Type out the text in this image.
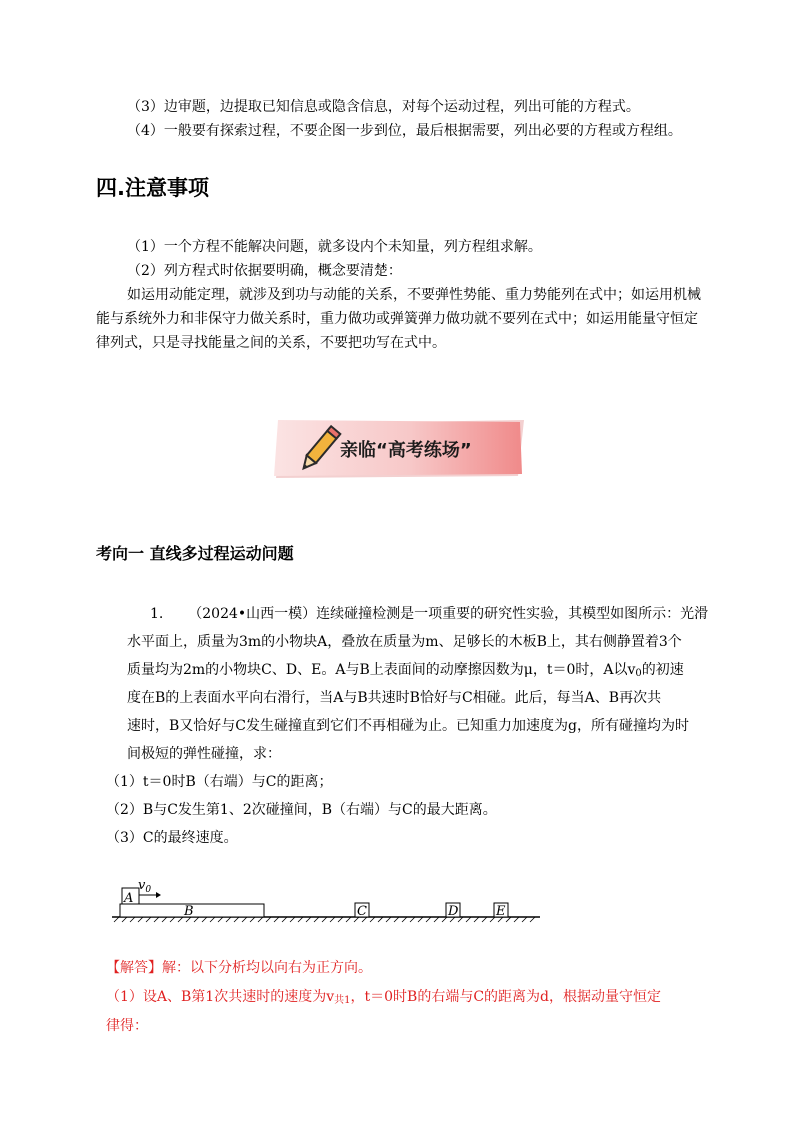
（3）边审题，边提取已知信息或隐含信息，对每个运动过程，列出可能的方程式。
（4）一般要有探索过程，不要企图一步到位，最后根据需要，列出必要的方程或方程组。
四.注意事项
（1）一个方程不能解决问题，就多设内个未知量，列方程组求解。
（2）列方程式时依据要明确，概念要清楚：
如运用动能定理，就涉及到功与动能的关系，不要弹性势能、重力势能列在式中；如运用机械
能与系统外力和非保守力做关系时，重力做功或弹簧弹力做功就不要列在式中；如运用能量守恒定
律列式，只是寻找能量之间的关系，不要把功写在式中。
亲临“高考练场”
考向一 直线多过程运动问题
1. （2024•山西一模）连续碰撞检测是一项重要的研究性实验，其模型如图所示：光滑
水平面上，质量为3m的小物块A，叠放在质量为m、足够长的木板B上，其右侧静置着3个
质量均为2m的小物块C、D、E。A与B上表面间的动摩擦因数为μ，t＝0时，A以$v_0$的初速
度在B的上表面水平向右滑行，当A与B共速时B恰好与C相碰。此后，每当A、B再次共
速时，B又恰好与C发生碰撞直到它们不再相碰为止。已知重力加速度为g，所有碰撞均为时
间极短的弹性碰撞，求：
（1）t＝0时B（右端）与C的距离；
（2）B与C发生第1、2次碰撞间，B（右端）与C的最大距离。
（3）C的最终速度。
$v_0$
A
B	C	D	E
【解答】解：以下分析均以向右为正方向。
（1）设A、B第1次共速时的速度为$v_{共1}$，t＝0时B的右端与C的距离为d，根据动量守恒定
律得：
